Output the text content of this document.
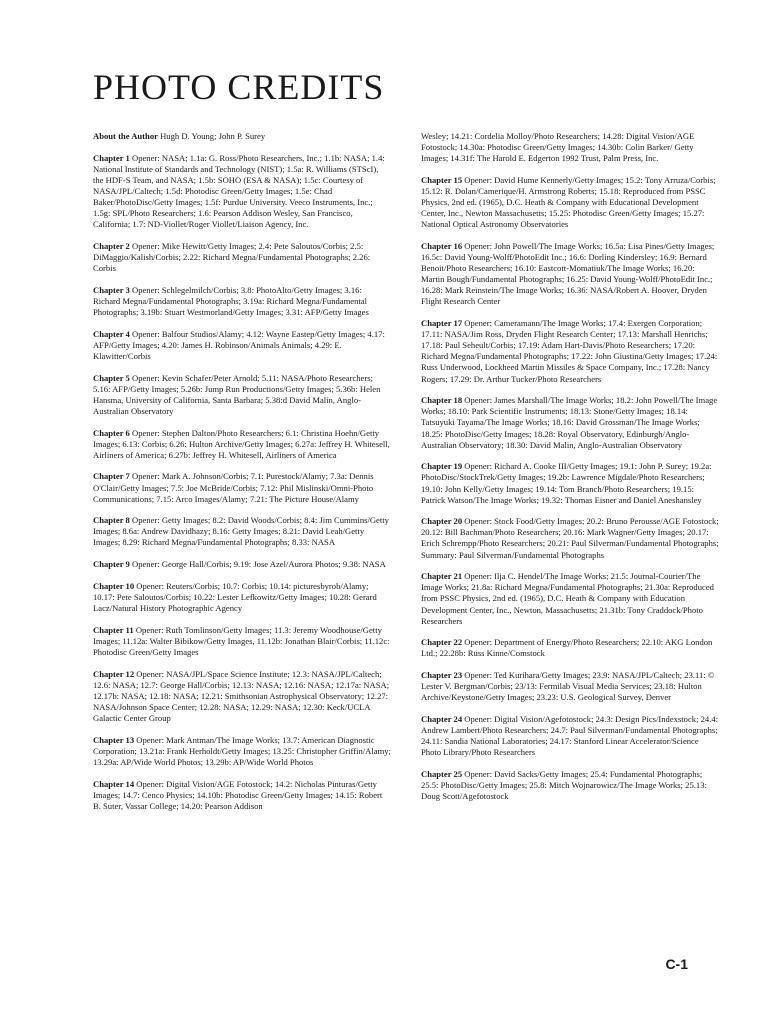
PHOTO CREDITS

About the Author Hugh D. Young; John P. Surey

Chapter 1 Opener: NASA; 1.1a: G. Ross/Photo Researchers, Inc.; 1.1b: NASA; 1.4: National Institute of Standards and Technology (NIST); 1.5a: R. Williams (STScI), the HDF-S Team, and NASA; 1.5b: SOHO (ESA & NASA); 1.5c: Courtesy of NASA/JPL/Caltech; 1.5d: Photodisc Green/Getty Images; 1.5e: Chad Baker/PhotoDisc/Getty Images; 1.5f: Purdue University. Veeco Instruments, Inc.; 1.5g: SPL/Photo Researchers; 1.6: Pearson Addison Wesley, San Francisco, California; 1.7: ND-Viollet/Roger Viollet/Liaison Agency, Inc.

Chapter 2 Opener: Mike Hewitt/Getty Images; 2.4: Pete Saloutos/Corbis; 2.5: DiMaggio/Kalish/Corbis; 2.22: Richard Megna/Fundamental Photographs; 2.26: Corbis

Chapter 3 Opener: Schlegelmilch/Corbis; 3.8: PhotoAlto/Getty Images; 3.16: Richard Megna/Fundamental Photographs; 3.19a: Richard Megna/Fundamental Photographs; 3.19b: Stuart Westmorland/Getty Images; 3.31: AFP/Getty Images

Chapter 4 Opener: Balfour Studios/Alamy; 4.12: Wayne Eastep/Getty Images; 4.17: AFP/Getty Images; 4.20: James H. Robinson/Animals Animals; 4.29: E. Klawitter/Corbis

Chapter 5 Opener: Kevin Schafer/Peter Arnold; 5.11: NASA/Photo Researchers; 5.16: AFP/Getty Images; 5.26b: Jump Run Productions/Getty Images; 5.36b: Helen Hansma, University of California, Santa Barbara; 5.38:d David Malin, Anglo-Australian Observatory

Chapter 6 Opener: Stephen Dalton/Photo Researchers; 6.1: Christina Hoehn/Getty Images; 6.13: Corbis; 6.26: Hulton Archive/Getty Images; 6.27a: Jeffrey H. Whitesell, Airliners of America; 6.27b: Jeffrey H. Whitesell, Airliners of America

Chapter 7 Opener: Mark A. Johnson/Corbis; 7.1: Purestock/Alamy; 7.3a: Dennis O'Clair/Getty Images; 7.5: Joe McBride/Corbis; 7.12: Phil Mislinski/Omni-Photo Communications; 7.15: Arco Images/Alamy; 7.21: The Picture House/Alamy

Chapter 8 Opener: Getty Images; 8.2: David Woods/Corbis; 8.4: Jim Cummins/Getty Images; 8.6a: Andrew Davidhazy; 8.16: Getty Images; 8.21: David Leah/Getty Images; 8.29: Richard Megna/Fundamental Photographs; 8.33: NASA

Chapter 9 Opener: George Hall/Corbis; 9.19: Jose Azel/Aurora Photos; 9.38: NASA

Chapter 10 Opener: Reuters/Corbis; 10.7: Corbis; 10.14: picturesbyrob/Alamy; 10.17: Pete Saloutos/Corbis; 10.22: Lester Lefkowitz/Getty Images; 10.28: Gerard Lacz/Natural History Photographic Agency

Chapter 11 Opener: Ruth Tomlinson/Getty Images; 11.3: Jeremy Woodhouse/Getty Images; 11.12a: Walter Bibikow/Getty Images, 11.12b: Jonathan Blair/Corbis; 11.12c: Photodisc Green/Getty Images

Chapter 12 Opener: NASA/JPL/Space Science Institute; 12.3: NASA/JPL/Caltech; 12.6: NASA; 12.7: George Hall/Corbis; 12.13: NASA; 12.16: NASA; 12.17a: NASA; 12.17b: NASA; 12.18: NASA; 12.21: Smithsonian Astrophysical Observatory; 12.27: NASA/Johnson Space Center; 12.28: NASA; 12.29: NASA; 12.30: Keck/UCLA Galactic Center Group

Chapter 13 Opener: Mark Antman/The Image Works; 13.7: American Diagnostic Corporation; 13.21a: Frank Herholdt/Getty Images; 13.25: Christopher Griffin/Alamy; 13.29a: AP/Wide World Photos; 13.29b: AP/Wide World Photos

Chapter 14 Opener: Digital Vision/AGE Fotostock; 14.2: Nicholas Pinturas/Getty Images; 14.7: Cenco Physics; 14.10b: Photodisc Green/Getty Images; 14.15: Robert B. Suter, Vassar College; 14.20: Pearson Addison

Wesley; 14.21: Cordelia Molloy/Photo Researchers; 14.28: Digital Vision/AGE Fotostock; 14.30a: Photodisc Green/Getty Images; 14.30b: Colin Barker/ Getty Images; 14.31f: The Harold E. Edgerton 1992 Trust, Palm Press, Inc.

Chapter 15 Opener: David Hume Kennerly/Getty Images; 15.2: Tony Arruza/Corbis; 15.12: R. Dolan/Camerique/H. Armstrong Roberts; 15.18: Reproduced from PSSC Physics, 2nd ed. (1965), D.C. Heath & Company with Educational Development Center, Inc., Newton Massachusetts; 15.25: Photodisc Green/Getty Images; 15.27: National Optical Astronomy Observatories

Chapter 16 Opener: John Powell/The Image Works; 16.5a: Lisa Pines/Getty Images; 16.5c: David Young-Wolff/PhotoEdit Inc.; 16.6: Dorling Kindersley; 16.9: Bernard Benoit/Photo Researchers; 16.10: Eastcott-Momatiuk/The Image Works; 16.20: Martin Bough/Fundamental Photographs; 16.25: David Young-Wolff/PhotoEdit Inc.; 16.28: Mark Reinstein/The Image Works; 16.36: NASA/Robert A. Hoover, Dryden Flight Research Center

Chapter 17 Opener: Cameramann/The Image Works; 17.4: Exergen Corporation; 17.11: NASA/Jim Ross, Dryden Flight Research Center; 17.13: Marshall Henrichs; 17.18: Paul Seheult/Corbis; 17.19: Adam Hart-Davis/Photo Researchers; 17.20: Richard Megna/Fundamental Photographs; 17.22: John Giustina/Getty Images; 17.24: Russ Underwood, Lockheed Martin Missiles & Space Company, Inc.; 17.28: Nancy Rogers; 17.29: Dr. Arthur Tucker/Photo Researchers

Chapter 18 Opener: James Marshall/The Image Works; 18.2: John Powell/The Image Works; 18.10: Park Scientific Instruments; 18.13: Stone/Getty Images; 18.14: Tatsuyuki Tayama/The Image Works; 18.16: David Grossman/The Image Works; 18.25: PhotoDisc/Getty Images; 18.28: Royal Observatory, Edinburgh/Anglo-Australian Observatory; 18.30: David Malin, Anglo-Australian Observatory

Chapter 19 Opener: Richard A. Cooke III/Getty Images; 19.1: John P. Surey; 19.2a: PhotoDisc/StockTrek/Getty Images; 19.2b: Lawrence Migdale/Photo Researchers; 19.10: John Kelly/Getty Images; 19.14: Tom Branch/Photo Researchers; 19.15: Patrick Watson/The Image Works; 19.32: Thomas Eisner and Daniel Aneshansley

Chapter 20 Opener: Stock Food/Getty Images; 20.2: Bruno Perousse/AGE Fotostock; 20.12: Bill Bachman/Photo Researchers; 20.16: Mark Wagner/Getty Images; 20.17: Erich Schrempp/Photo Researchers; 20.21: Paul Silverman/Fundamental Photographs; Summary: Paul Silverman/Fundamental Photographs

Chapter 21 Opener: Ilja C. Hendel/The Image Works; 21.5: Journal-Courier/The Image Works; 21.8a: Richard Megna/Fundamental Photographs; 21.30a: Reproduced from PSSC Physics, 2nd ed. (1965), D.C. Heath & Company with Education Development Center, Inc., Newton, Massachusetts; 21.31b: Tony Craddock/Photo Researchers

Chapter 22 Opener: Department of Energy/Photo Researchers; 22.10: AKG London Ltd.; 22.28b: Russ Kinne/Comstock

Chapter 23 Opener: Ted Kurihara/Getty Images; 23.9: NASA/JPL/Caltech; 23.11: © Lester V. Bergman/Corbis; 23/13: Fermilab Visual Media Services; 23.18: Hulton Archive/Keystone/Getty Images; 23.23: U.S. Geological Survey, Denver

Chapter 24 Opener: Digital Vision/Agefotostock; 24.3: Design Pics/Indexstock; 24.4: Andrew Lambert/Photo Researchers; 24.7: Paul Silverman/Fundamental Photographs; 24.11: Sandia National Laboratories; 24.17: Stanford Linear Accelerator/Science Photo Library/Photo Researchers

Chapter 25 Opener: David Sacks/Getty Images; 25.4: Fundamental Photographs; 25.5: PhotoDisc/Getty Images; 25.8: Mitch Wojnarowicz/The Image Works; 25.13: Doug Scott/Agefotostock

C-1
